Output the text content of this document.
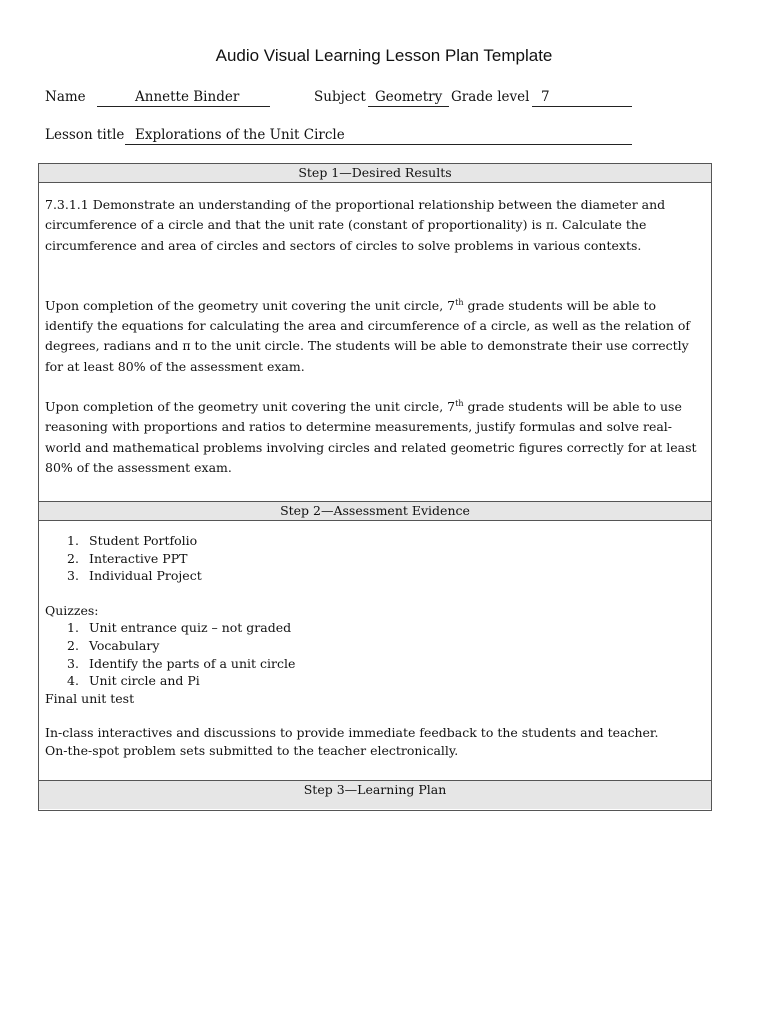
Audio Visual Learning Lesson Plan Template
Name	Annette Binder	Subject Geometry Grade level 7
Lesson title Explorations of the Unit Circle
Step 1—Desired Results

7.3.1.1 Demonstrate an understanding of the proportional relationship between the diameter and circumference of a circle and that the unit rate (constant of proportionality) is π. Calculate the circumference and area of circles and sectors of circles to solve problems in various contexts.

Upon completion of the geometry unit covering the unit circle, 7th grade students will be able to identify the equations for calculating the area and circumference of a circle, as well as the relation of degrees, radians and π to the unit circle. The students will be able to demonstrate their use correctly for at least 80% of the assessment exam.

Upon completion of the geometry unit covering the unit circle, 7th grade students will be able to use reasoning with proportions and ratios to determine measurements, justify formulas and solve real-world and mathematical problems involving circles and related geometric figures correctly for at least 80% of the assessment exam.

Step 2—Assessment Evidence
1. Student Portfolio
2. Interactive PPT
3. Individual Project
Quizzes:
1. Unit entrance quiz – not graded
2. Vocabulary
3. Identify the parts of a unit circle
4. Unit circle and Pi
Final unit test
In-class interactives and discussions to provide immediate feedback to the students and teacher.
On-the-spot problem sets submitted to the teacher electronically.
Step 3—Learning Plan
